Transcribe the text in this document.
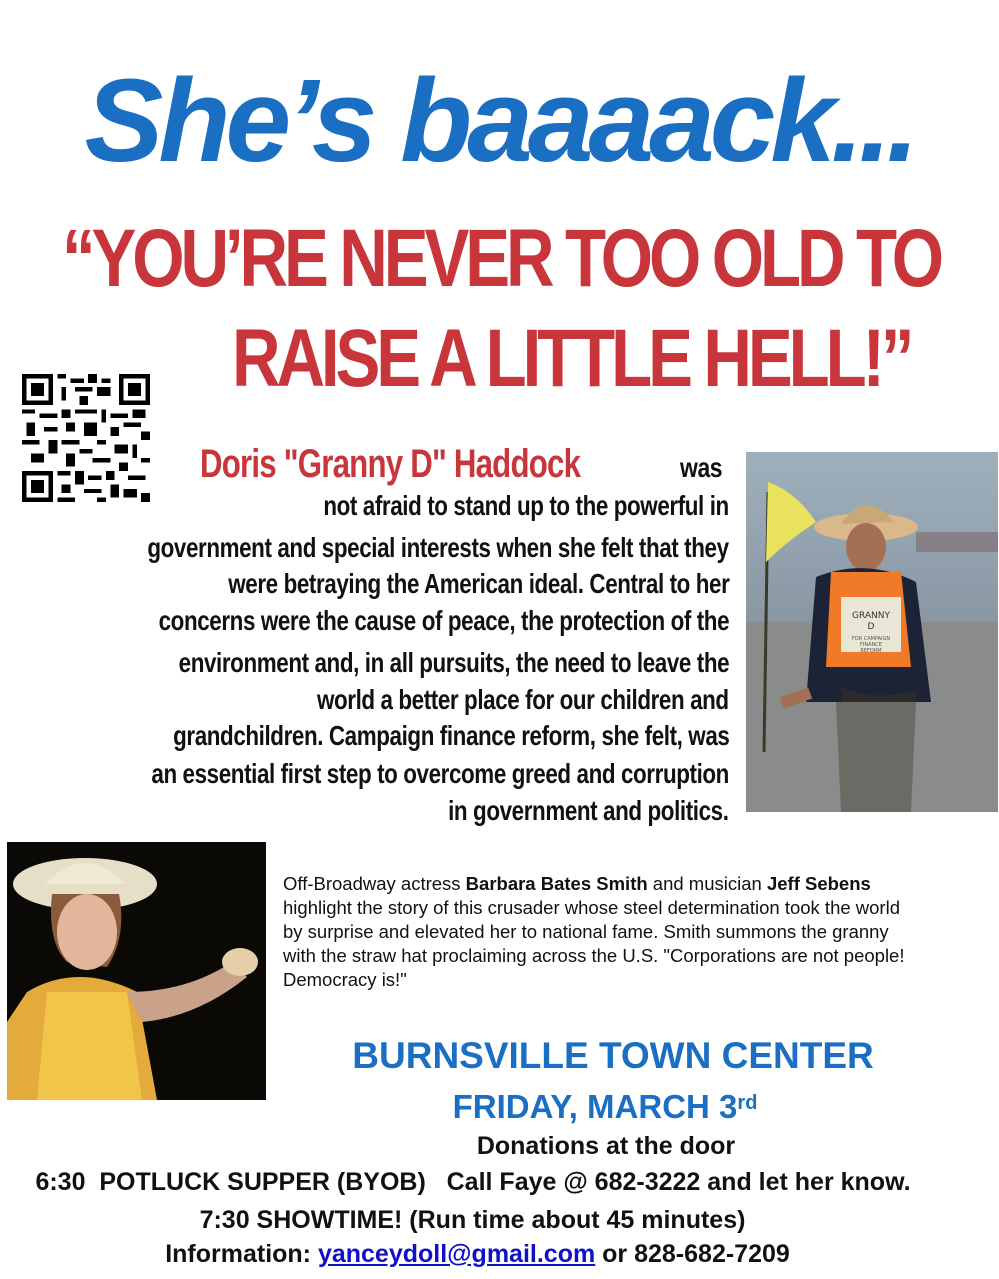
She’s baaaack...
“YOU’RE NEVER TOO OLD TO
RAISE A LITTLE HELL!”
Doris "Granny D" Haddock	was
not afraid to stand up to the powerful in
government and special interests when she felt that they
were betraying the American ideal. Central to her
concerns were the cause of peace, the protection of the
environment and, in all pursuits, the need to leave the
world a better place for our children and
grandchildren. Campaign finance reform, she felt, was
an essential first step to overcome greed and corruption
in government and politics.
GRANNY
D
FOR CAMPAIGN
FINANCE
REFORM
Off-Broadway actress Barbara Bates Smith and musician Jeff Sebens highlight the story of this crusader whose steel determination took the world by surprise and elevated her to national fame. Smith summons the granny with the straw hat proclaiming across the U.S. "Corporations are not people! Democracy is!"
BURNSVILLE TOWN CENTER
FRIDAY, MARCH 3rd
Donations at the door
6:30  POTLUCK SUPPER (BYOB)   Call Faye @ 682-3222 and let her know.
7:30 SHOWTIME! (Run time about 45 minutes)
Information: yanceydoll@gmail.com or 828-682-7209
